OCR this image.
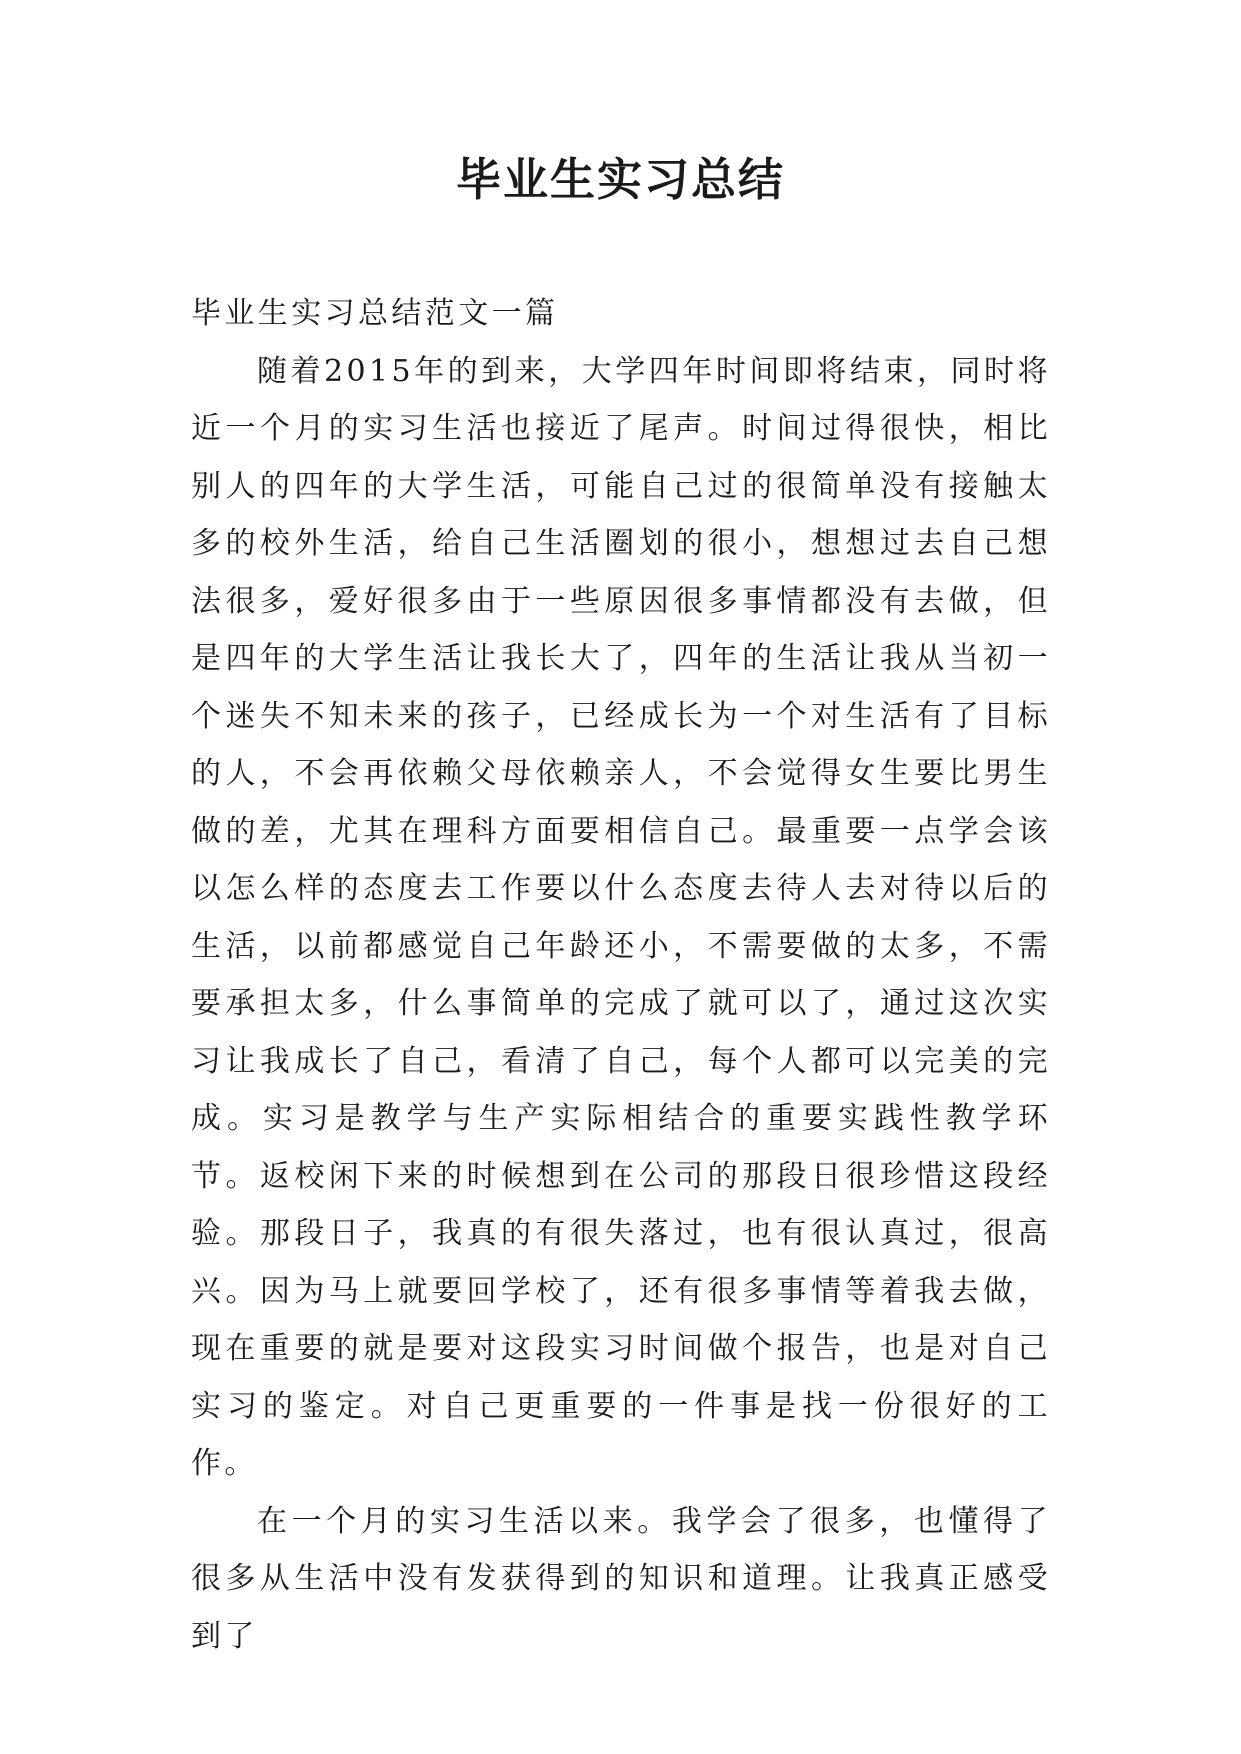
毕业生实习总结

毕业生实习总结范文一篇

随着2015年的到来，大学四年时间即将结束，同时将近一个月的实习生活也接近了尾声。时间过得很快，相比别人的四年的大学生活，可能自己过的很简单没有接触太多的校外生活，给自己生活圈划的很小，想想过去自己想法很多，爱好很多由于一些原因很多事情都没有去做，但是四年的大学生活让我长大了，四年的生活让我从当初一个迷失不知未来的孩子，已经成长为一个对生活有了目标的人，不会再依赖父母依赖亲人，不会觉得女生要比男生做的差，尤其在理科方面要相信自己。最重要一点学会该以怎么样的态度去工作要以什么态度去待人去对待以后的生活，以前都感觉自己年龄还小，不需要做的太多，不需要承担太多，什么事简单的完成了就可以了，通过这次实习让我成长了自己，看清了自己，每个人都可以完美的完成。实习是教学与生产实际相结合的重要实践性教学环节。返校闲下来的时候想到在公司的那段日很珍惜这段经验。那段日子，我真的有很失落过，也有很认真过，很高兴。因为马上就要回学校了，还有很多事情等着我去做，现在重要的就是要对这段实习时间做个报告，也是对自己实习的鉴定。对自己更重要的一件事是找一份很好的工作。

在一个月的实习生活以来。我学会了很多，也懂得了很多从生活中没有发获得到的知识和道理。让我真正感受到了
